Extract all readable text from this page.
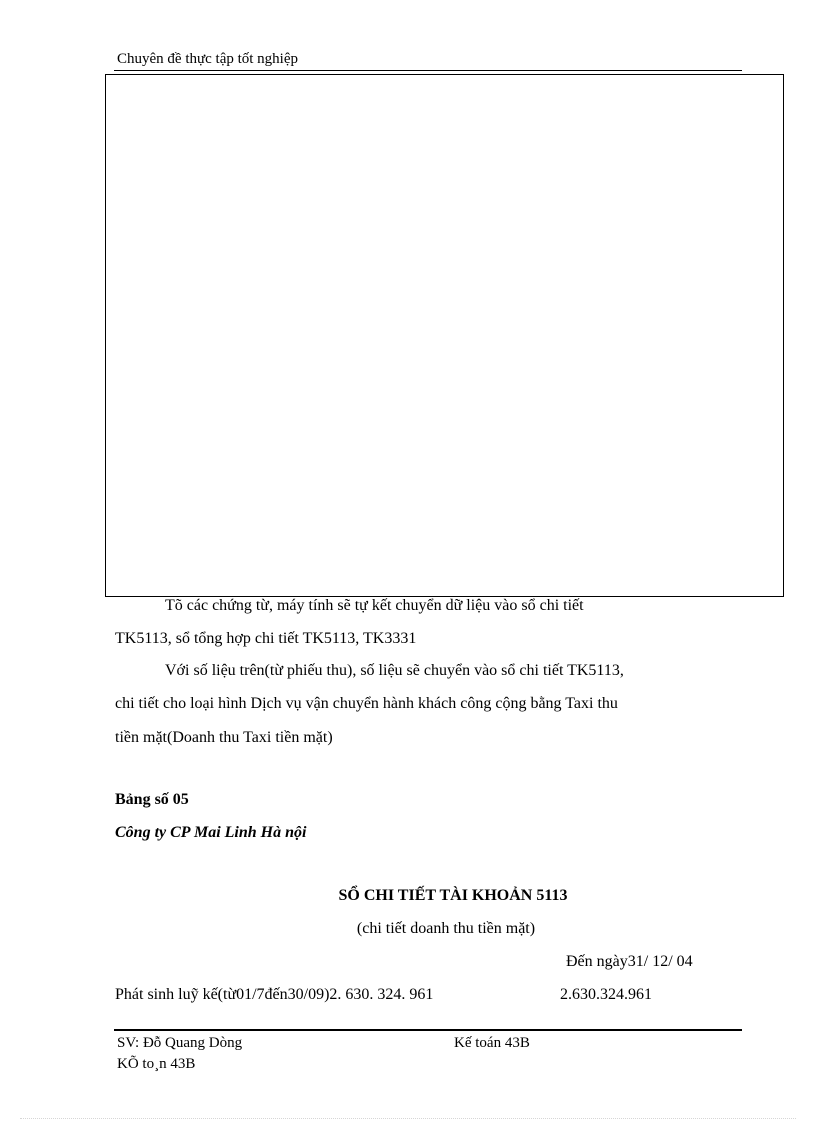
Chuyên đề thực tập tốt nghiệp
Tõ các chứng từ, máy tính sẽ tự kết chuyển dữ liệu vào sổ chi tiết
TK5113, sổ tổng hợp chi tiết TK5113, TK3331
Với số liệu trên(từ phiếu thu), số liệu sẽ chuyển vào sổ chi tiết TK5113,
chi tiết cho loại hình Dịch vụ vận chuyển hành khách công cộng bằng Taxi thu
tiền mặt(Doanh thu Taxi tiền mặt)
Bảng số 05
Công ty CP Mai Linh Hà nội
SỔ CHI TIẾT TÀI KHOẢN 5113
(chi tiết doanh thu tiền mặt)
Đến ngày31/ 12/ 04
Phát sinh luỹ kế(từ01/7đến30/09)2. 630. 324. 961	2.630.324.961
SV: Đỗ Quang Dòng	Kế toán 43B
KÕ to¸n 43B
